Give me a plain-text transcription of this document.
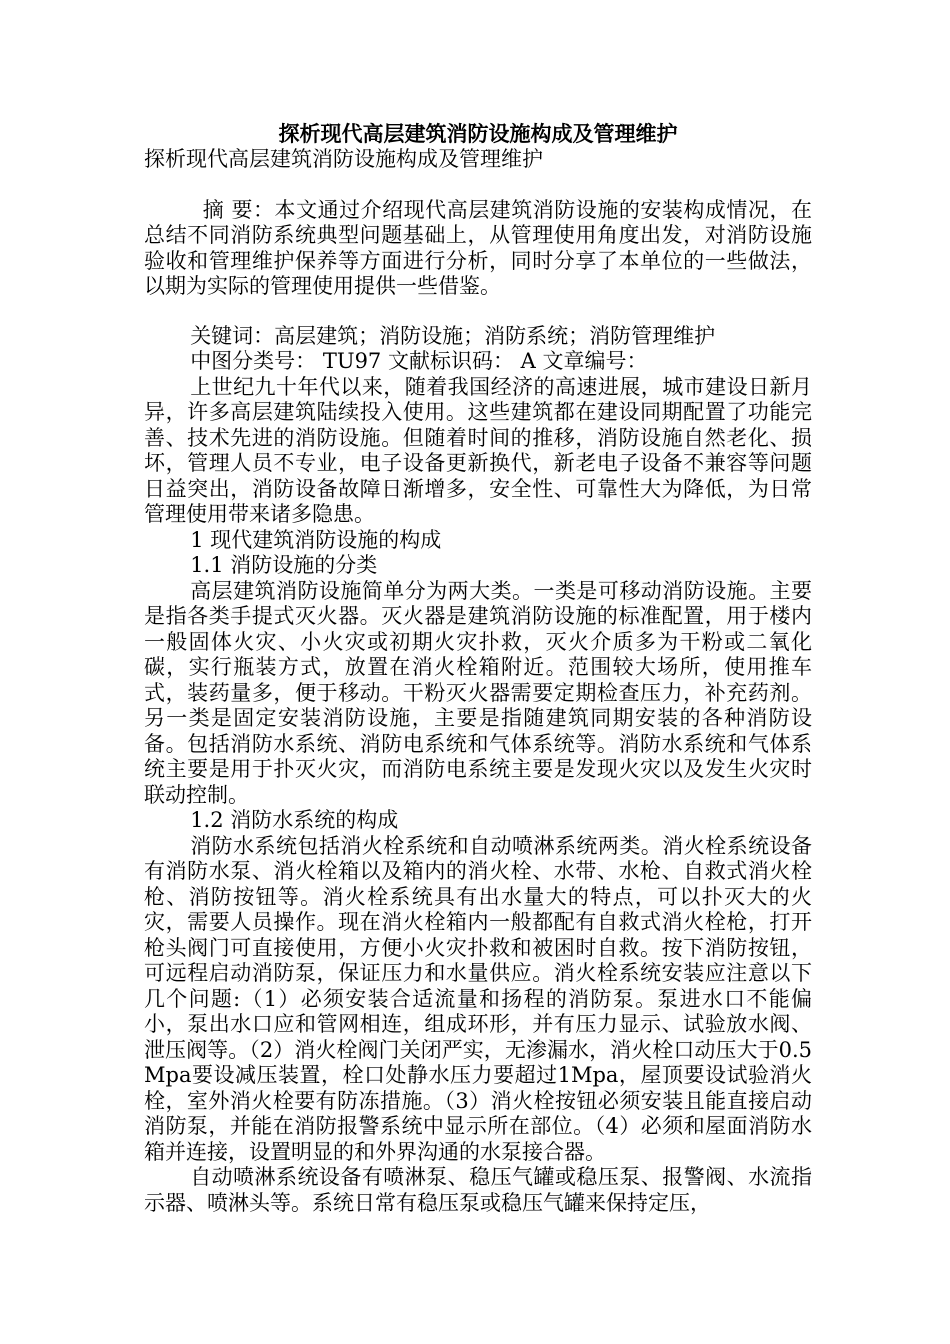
探析现代高层建筑消防设施构成及管理维护

探析现代高层建筑消防设施构成及管理维护

摘 要：本文通过介绍现代高层建筑消防设施的安装构成情况，在总结不同消防系统典型问题基础上，从管理使用角度出发，对消防设施验收和管理维护保养等方面进行分析，同时分享了本单位的一些做法，以期为实际的管理使用提供一些借鉴。

关键词：高层建筑；消防设施；消防系统；消防管理维护

中图分类号： TU97 文献标识码： A 文章编号：

上世纪九十年代以来，随着我国经济的高速进展，城市建设日新月异，许多高层建筑陆续投入使用。这些建筑都在建设同期配置了功能完善、技术先进的消防设施。但随着时间的推移，消防设施自然老化、损坏，管理人员不专业，电子设备更新换代，新老电子设备不兼容等问题日益突出，消防设备故障日渐增多，安全性、可靠性大为降低，为日常管理使用带来诸多隐患。

1 现代建筑消防设施的构成

1.1 消防设施的分类

高层建筑消防设施简单分为两大类。一类是可移动消防设施。主要是指各类手提式灭火器。灭火器是建筑消防设施的标准配置，用于楼内一般固体火灾、小火灾或初期火灾扑救，灭火介质多为干粉或二氧化碳，实行瓶装方式，放置在消火栓箱附近。范围较大场所，使用推车式，装药量多，便于移动。干粉灭火器需要定期检查压力，补充药剂。另一类是固定安装消防设施，主要是指随建筑同期安装的各种消防设备。包括消防水系统、消防电系统和气体系统等。消防水系统和气体系统主要是用于扑灭火灾，而消防电系统主要是发现火灾以及发生火灾时联动控制。

1.2 消防水系统的构成

消防水系统包括消火栓系统和自动喷淋系统两类。消火栓系统设备有消防水泵、消火栓箱以及箱内的消火栓、水带、水枪、自救式消火栓枪、消防按钮等。消火栓系统具有出水量大的特点，可以扑灭大的火灾，需要人员操作。现在消火栓箱内一般都配有自救式消火栓枪，打开枪头阀门可直接使用，方便小火灾扑救和被困时自救。按下消防按钮，可远程启动消防泵，保证压力和水量供应。消火栓系统安装应注意以下几个问题:（1）必须安装合适流量和扬程的消防泵。泵进水口不能偏小，泵出水口应和管网相连，组成环形，并有压力显示、试验放水阀、泄压阀等。（2）消火栓阀门关闭严实，无渗漏水，消火栓口动压大于0.5Mpa要设减压装置，栓口处静水压力要超过1Mpa，屋顶要设试验消火栓，室外消火栓要有防冻措施。（3）消火栓按钮必须安装且能直接启动消防泵，并能在消防报警系统中显示所在部位。（4）必须和屋面消防水箱并连接，设置明显的和外界沟通的水泵接合器。

自动喷淋系统设备有喷淋泵、稳压气罐或稳压泵、报警阀、水流指示器、喷淋头等。系统日常有稳压泵或稳压气罐来保持定压，
